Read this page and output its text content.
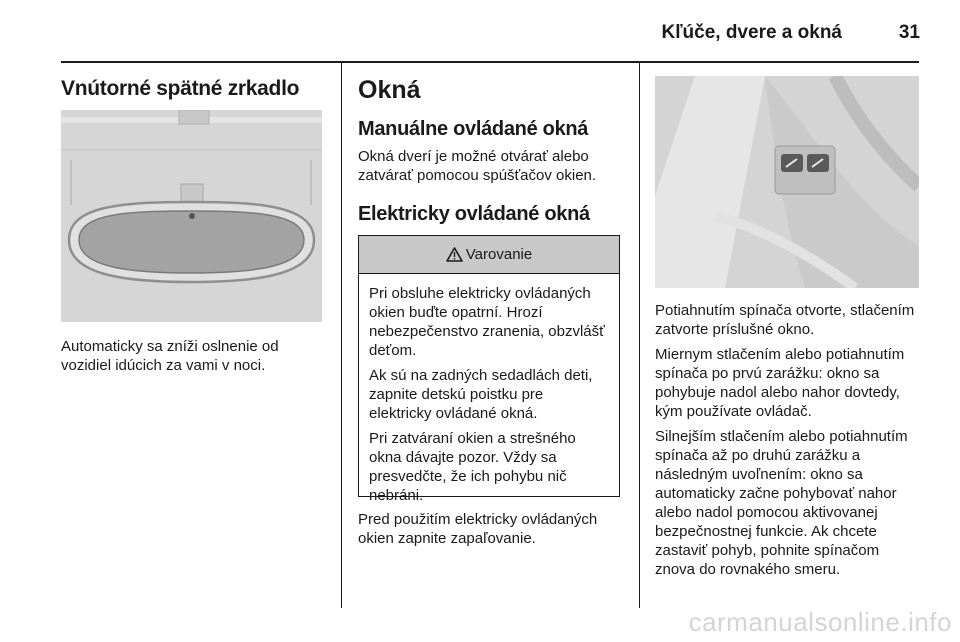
Kľúče, dvere a okná	31
Vnútorné spätné zrkadlo

Automaticky sa zníži oslnenie od vozidiel idúcich za vami v noci.

Okná
Manuálne ovládané okná

Okná dverí je možné otvárať alebo zatvárať pomocou spúšťačov okien.

Elektricky ovládané okná
Varovanie

Pri obsluhe elektricky ovládaných okien buďte opatrní. Hrozí nebezpečenstvo zranenia, obzvlášť deťom.

Ak sú na zadných sedadlách deti, zapnite detskú poistku pre elektricky ovládané okná.

Pri zatváraní okien a strešného okna dávajte pozor. Vždy sa presvedčte, že ich pohybu nič nebráni.

Pred použitím elektricky ovládaných okien zapnite zapaľovanie.

Potiahnutím spínača otvorte, stlačením zatvorte príslušné okno.

Miernym stlačením alebo potiahnutím spínača po prvú zarážku: okno sa pohybuje nadol alebo nahor dovtedy, kým používate ovládač.

Silnejším stlačením alebo potiahnutím spínača až po druhú zarážku a následným uvoľnením: okno sa automaticky začne pohybovať nahor alebo nadol pomocou aktivovanej bezpečnostnej funkcie. Ak chcete zastaviť pohyb, pohnite spínačom znova do rovnakého smeru.

carmanualsonline.info
